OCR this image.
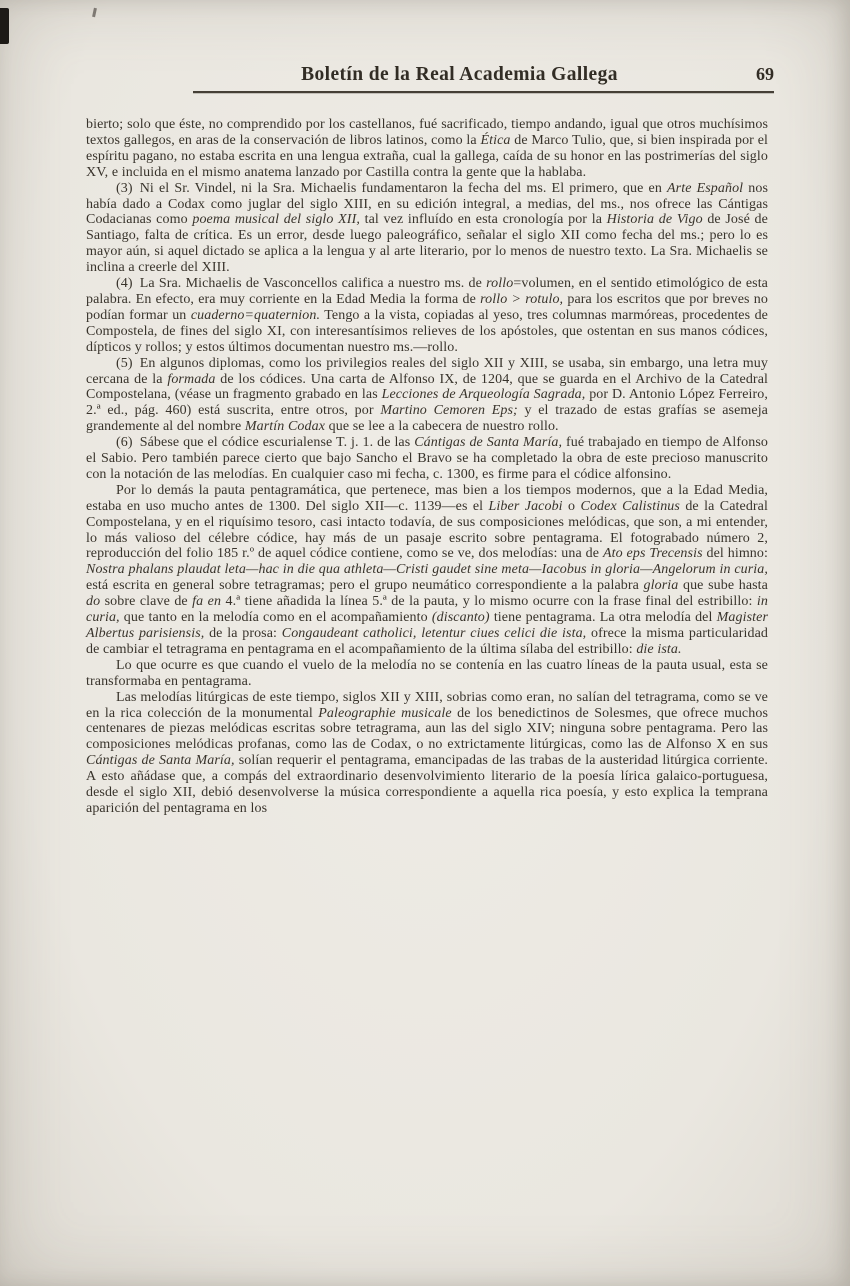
Boletín de la Real Academia Gallega	69

bierto; solo que éste, no comprendido por los castellanos, fué sacrificado, tiempo andando, igual que otros muchísimos textos gallegos, en aras de la conservación de libros latinos, como la Ética de Marco Tulio, que, si bien inspirada por el espíritu pagano, no estaba escrita en una lengua extraña, cual la gallega, caída de su honor en las postrimerías del siglo XV, e incluida en el mismo anatema lanzado por Castilla contra la gente que la hablaba.

(3) Ni el Sr. Vindel, ni la Sra. Michaelis fundamentaron la fecha del ms. El primero, que en Arte Español nos había dado a Codax como juglar del siglo XIII, en su edición integral, a medias, del ms., nos ofrece las Cántigas Codacianas como poema musical del siglo XII, tal vez influído en esta cronología por la Historia de Vigo de José de Santiago, falta de crítica. Es un error, desde luego paleográfico, señalar el siglo XII como fecha del ms.; pero lo es mayor aún, si aquel dictado se aplica a la lengua y al arte literario, por lo menos de nuestro texto. La Sra. Michaelis se inclina a creerle del XIII.

(4) La Sra. Michaelis de Vasconcellos califica a nuestro ms. de rollo=volumen, en el sentido etimológico de esta palabra. En efecto, era muy corriente en la Edad Media la forma de rollo > rotulo, para los escritos que por breves no podían formar un cuaderno=quaternion. Tengo a la vista, copiadas al yeso, tres columnas marmóreas, procedentes de Compostela, de fines del siglo XI, con interesantísimos relieves de los apóstoles, que ostentan en sus manos códices, dípticos y rollos; y estos últimos documentan nuestro ms.—rollo.

(5) En algunos diplomas, como los privilegios reales del siglo XII y XIII, se usaba, sin embargo, una letra muy cercana de la formada de los códices. Una carta de Alfonso IX, de 1204, que se guarda en el Archivo de la Catedral Compostelana, (véase un fragmento grabado en las Lecciones de Arqueología Sagrada, por D. Antonio López Ferreiro, 2.ª ed., pág. 460) está suscrita, entre otros, por Martino Cemoren Eps; y el trazado de estas grafías se asemeja grandemente al del nombre Martín Codax que se lee a la cabecera de nuestro rollo.

(6) Sábese que el códice escurialense T. j. 1. de las Cántigas de Santa María, fué trabajado en tiempo de Alfonso el Sabio. Pero también parece cierto que bajo Sancho el Bravo se ha completado la obra de este precioso manuscrito con la notación de las melodías. En cualquier caso mi fecha, c. 1300, es firme para el códice alfonsino.

Por lo demás la pauta pentagramática, que pertenece, mas bien a los tiempos modernos, que a la Edad Media, estaba en uso mucho antes de 1300. Del siglo XII—c. 1139—es el Liber Jacobi o Codex Calistinus de la Catedral Compostelana, y en el riquísimo tesoro, casi intacto todavía, de sus composiciones melódicas, que son, a mi entender, lo más valioso del célebre códice, hay más de un pasaje escrito sobre pentagrama. El fotograbado número 2, reproducción del folio 185 r.º de aquel códice contiene, como se ve, dos melodías: una de Ato eps Trecensis del himno: Nostra phalans plaudat leta—hac in die qua athleta—Cristi gaudet sine meta—Iacobus in gloria—Angelorum in curia, está escrita en general sobre tetragramas; pero el grupo neumático correspondiente a la palabra gloria que sube hasta do sobre clave de fa en 4.ª tiene añadida la línea 5.ª de la pauta, y lo mismo ocurre con la frase final del estribillo: in curia, que tanto en la melodía como en el acompañamiento (discanto) tiene pentagrama. La otra melodía del Magister Albertus parisiensis, de la prosa: Congaudeant catholici, letentur ciues celici die ista, ofrece la misma particularidad de cambiar el tetragrama en pentagrama en el acompañamiento de la última sílaba del estribillo: die ista.

Lo que ocurre es que cuando el vuelo de la melodía no se contenía en las cuatro líneas de la pauta usual, esta se transformaba en pentagrama.

Las melodías litúrgicas de este tiempo, siglos XII y XIII, sobrias como eran, no salían del tetragrama, como se ve en la rica colección de la monumental Paleographie musicale de los benedictinos de Solesmes, que ofrece muchos centenares de piezas melódicas escritas sobre tetragrama, aun las del siglo XIV; ninguna sobre pentagrama. Pero las composiciones melódicas profanas, como las de Codax, o no extrictamente litúrgicas, como las de Alfonso X en sus Cántigas de Santa María, solían requerir el pentagrama, emancipadas de las trabas de la austeridad litúrgica corriente. A esto añádase que, a compás del extraordinario desenvolvimiento literario de la poesía lírica galaico-portuguesa, desde el siglo XII, debió desenvolverse la música correspondiente a aquella rica poesía, y esto explica la temprana aparición del pentagrama en los
